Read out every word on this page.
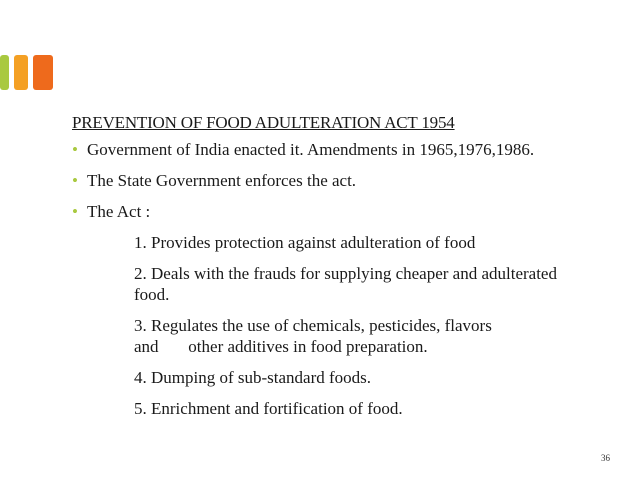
PREVENTION OF FOOD ADULTERATION ACT 1954
• Government of India enacted it. Amendments in 1965,1976,1986.
• The State Government enforces the act.
• The Act :
1. Provides protection against adulteration of food
2. Deals with the frauds for supplying cheaper and adulterated food.
3. Regulates the use of chemicals, pesticides, flavors
and       other additives in food preparation.
4. Dumping of sub-standard foods.
5. Enrichment and fortification of food.
36
